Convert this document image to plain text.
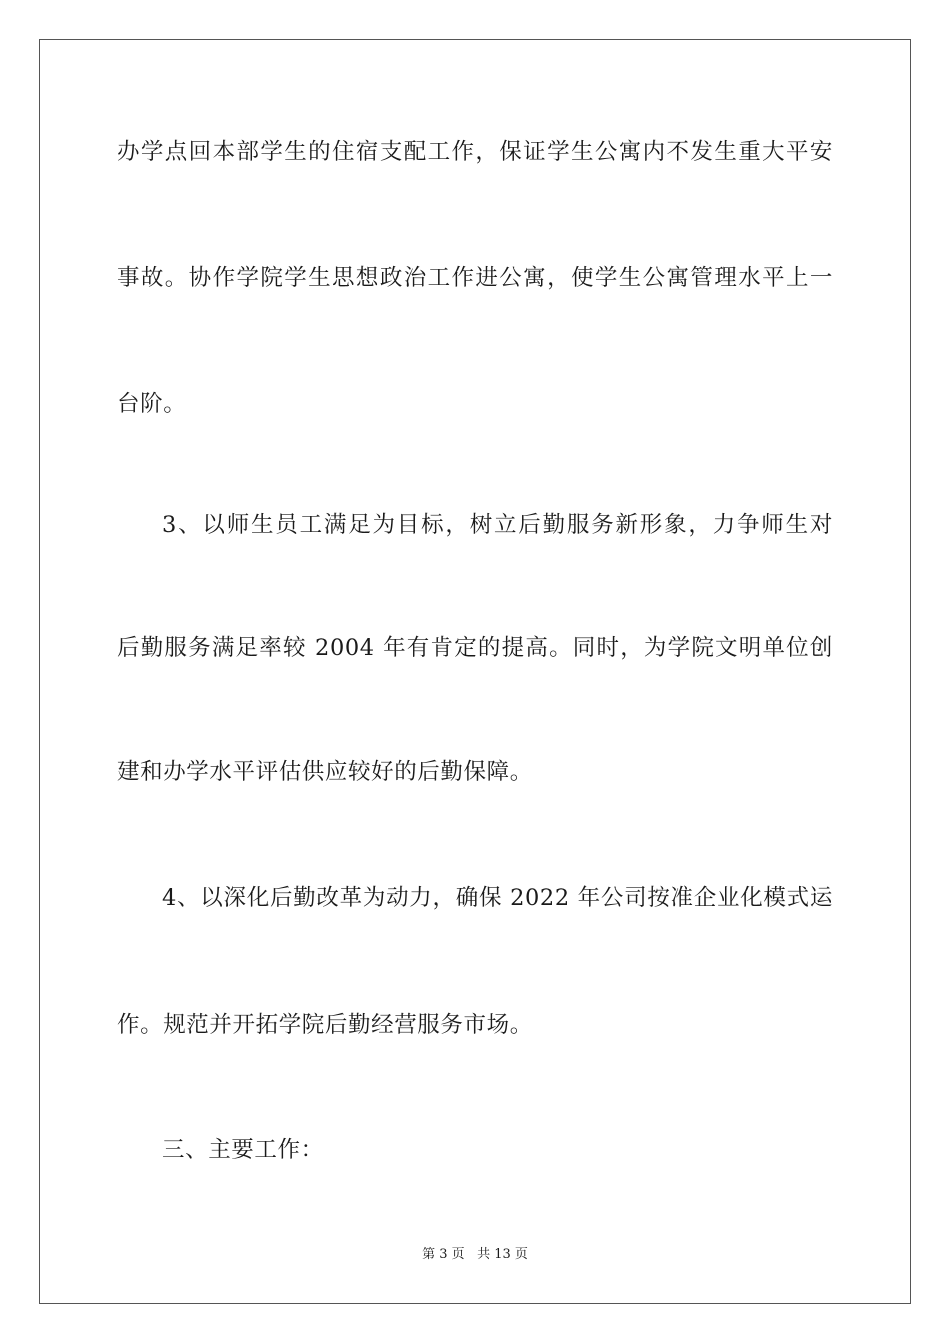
办学点回本部学生的住宿支配工作，保证学生公寓内不发生重大平安
事故。协作学院学生思想政治工作进公寓，使学生公寓管理水平上一
台阶。
3、以师生员工满足为目标，树立后勤服务新形象，力争师生对
后勤服务满足率较 2004 年有肯定的提高。同时，为学院文明单位创
建和办学水平评估供应较好的后勤保障。
4、以深化后勤改革为动力，确保 2022 年公司按准企业化模式运
作。规范并开拓学院后勤经营服务市场。
三、主要工作：
第 3 页 共 13 页
